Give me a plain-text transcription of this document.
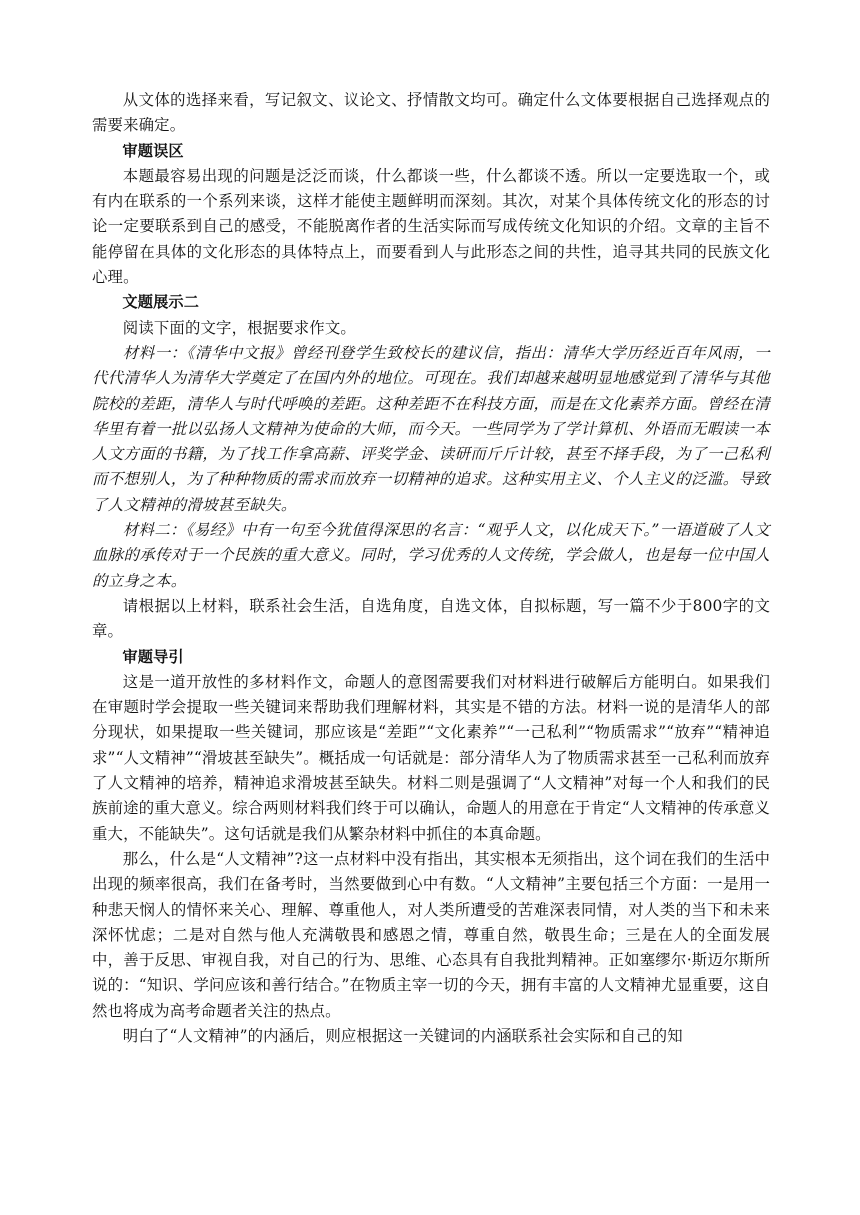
从文体的选择来看，写记叙文、议论文、抒情散文均可。确定什么文体要根据自己选择观点的需要来确定。

审题误区

本题最容易出现的问题是泛泛而谈，什么都谈一些，什么都谈不透。所以一定要选取一个，或有内在联系的一个系列来谈，这样才能使主题鲜明而深刻。其次，对某个具体传统文化的形态的讨论一定要联系到自己的感受，不能脱离作者的生活实际而写成传统文化知识的介绍。文章的主旨不能停留在具体的文化形态的具体特点上，而要看到人与此形态之间的共性，追寻其共同的民族文化心理。

文题展示二

阅读下面的文字，根据要求作文。

材料一：《清华中文报》曾经刊登学生致校长的建议信，指出：清华大学历经近百年风雨，一代代清华人为清华大学奠定了在国内外的地位。可现在。我们却越来越明显地感觉到了清华与其他院校的差距，清华人与时代呼唤的差距。这种差距不在科技方面，而是在文化素养方面。曾经在清华里有着一批以弘扬人文精神为使命的大师，而今天。一些同学为了学计算机、外语而无暇读一本人文方面的书籍，为了找工作拿高薪、评奖学金、读研而斤斤计较，甚至不择手段，为了一己私利而不想别人，为了种种物质的需求而放弃一切精神的追求。这种实用主义、个人主义的泛滥。导致了人文精神的滑坡甚至缺失。

材料二：《易经》中有一句至今犹值得深思的名言：“观乎人文，以化成天下。”一语道破了人文血脉的承传对于一个民族的重大意义。同时，学习优秀的人文传统，学会做人，也是每一位中国人的立身之本。

请根据以上材料，联系社会生活，自选角度，自选文体，自拟标题，写一篇不少于800字的文章。

审题导引

这是一道开放性的多材料作文，命题人的意图需要我们对材料进行破解后方能明白。如果我们在审题时学会提取一些关键词来帮助我们理解材料，其实是不错的方法。材料一说的是清华人的部分现状，如果提取一些关键词，那应该是“差距”“文化素养”“一己私利”“物质需求”“放弃”“精神追求”“人文精神”“滑坡甚至缺失”。概括成一句话就是：部分清华人为了物质需求甚至一己私利而放弃了人文精神的培养，精神追求滑坡甚至缺失。材料二则是强调了“人文精神”对每一个人和我们的民族前途的重大意义。综合两则材料我们终于可以确认，命题人的用意在于肯定“人文精神的传承意义重大，不能缺失”。这句话就是我们从繁杂材料中抓住的本真命题。

那么，什么是“人文精神”?这一点材料中没有指出，其实根本无须指出，这个词在我们的生活中出现的频率很高，我们在备考时，当然要做到心中有数。“人文精神”主要包括三个方面：一是用一种悲天悯人的情怀来关心、理解、尊重他人，对人类所遭受的苦难深表同情，对人类的当下和未来深怀忧虑；二是对自然与他人充满敬畏和感恩之情，尊重自然，敬畏生命；三是在人的全面发展中，善于反思、审视自我，对自己的行为、思维、心态具有自我批判精神。正如塞缪尔·斯迈尔斯所说的：“知识、学问应该和善行结合。”在物质主宰一切的今天，拥有丰富的人文精神尤显重要，这自然也将成为高考命题者关注的热点。

明白了“人文精神”的内涵后，则应根据这一关键词的内涵联系社会实际和自己的知
